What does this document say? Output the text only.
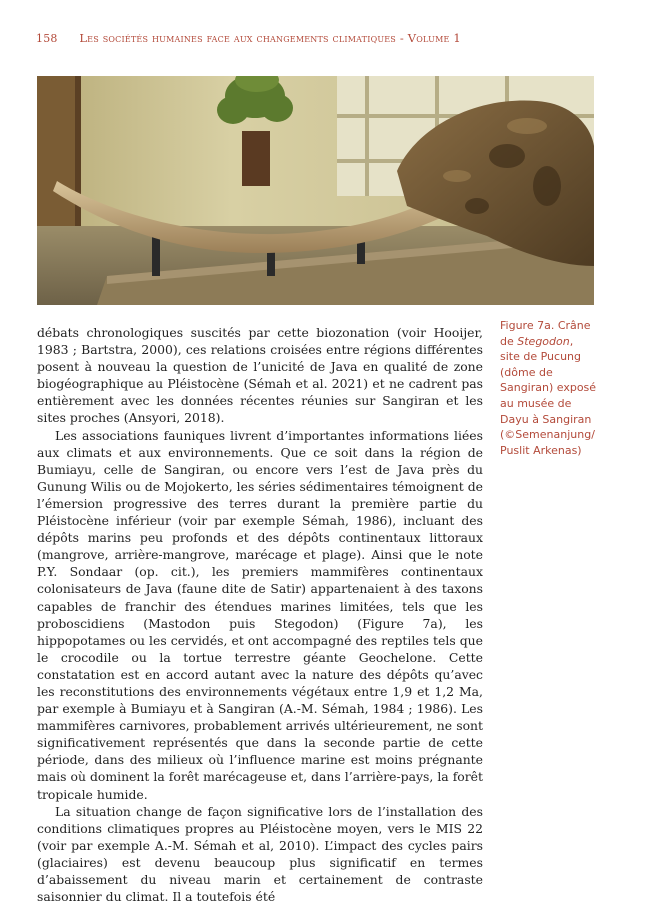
158 Les sociétés humaines face aux changements climatiques - Volume 1
Figure 7a. Crâne
de Stegodon,
site de Pucung
(dôme de
Sangiran) exposé
au musée de
Dayu à Sangiran
(©Semenanjung/
Puslit Arkenas)

débats chronologiques suscités par cette biozonation (voir Hooijer, 1983 ; Bartstra, 2000), ces relations croisées entre régions différentes posent à nouveau la question de l’unicité de Java en qualité de zone biogéographique au Pléistocène (Sémah et al. 2021) et ne cadrent pas entièrement avec les données récentes réunies sur Sangiran et les sites proches (Ansyori, 2018).

Les associations fauniques livrent d’importantes informations liées aux climats et aux environnements. Que ce soit dans la région de Bumiayu, celle de Sangiran, ou encore vers l’est de Java près du Gunung Wilis ou de Mojokerto, les séries sédimentaires témoignent de l’émersion progressive des terres durant la première partie du Pléistocène inférieur (voir par exemple Sémah, 1986), incluant des dépôts marins peu profonds et des dépôts continentaux littoraux (mangrove, arrière-mangrove, marécage et plage). Ainsi que le note P.Y. Sondaar (op. cit.), les premiers mammifères continentaux colonisateurs de Java (faune dite de Satir) appartenaient à des taxons capables de franchir des étendues marines limitées, tels que les proboscidiens (Mastodon puis Stegodon) (Figure 7a), les hippopotames ou les cervidés, et ont accompagné des reptiles tels que le crocodile ou la tortue terrestre géante Geochelone. Cette constatation est en accord autant avec la nature des dépôts qu’avec les reconstitutions des environnements végétaux entre 1,9 et 1,2 Ma, par exemple à Bumiayu et à Sangiran (A.-M. Sémah, 1984 ; 1986). Les mammifères carnivores, probablement arrivés ultérieurement, ne sont significativement représentés que dans la seconde partie de cette période, dans des milieux où l’influence marine est moins prégnante mais où dominent la forêt marécageuse et, dans l’arrière-pays, la forêt tropicale humide.

La situation change de façon significative lors de l’installation des conditions climatiques propres au Pléistocène moyen, vers le MIS 22 (voir par exemple A.-M. Sémah et al, 2010). L’impact des cycles pairs (glaciaires) est devenu beaucoup plus significatif en termes d’abaissement du niveau marin et certainement de contraste saisonnier du climat. Il a toutefois été
